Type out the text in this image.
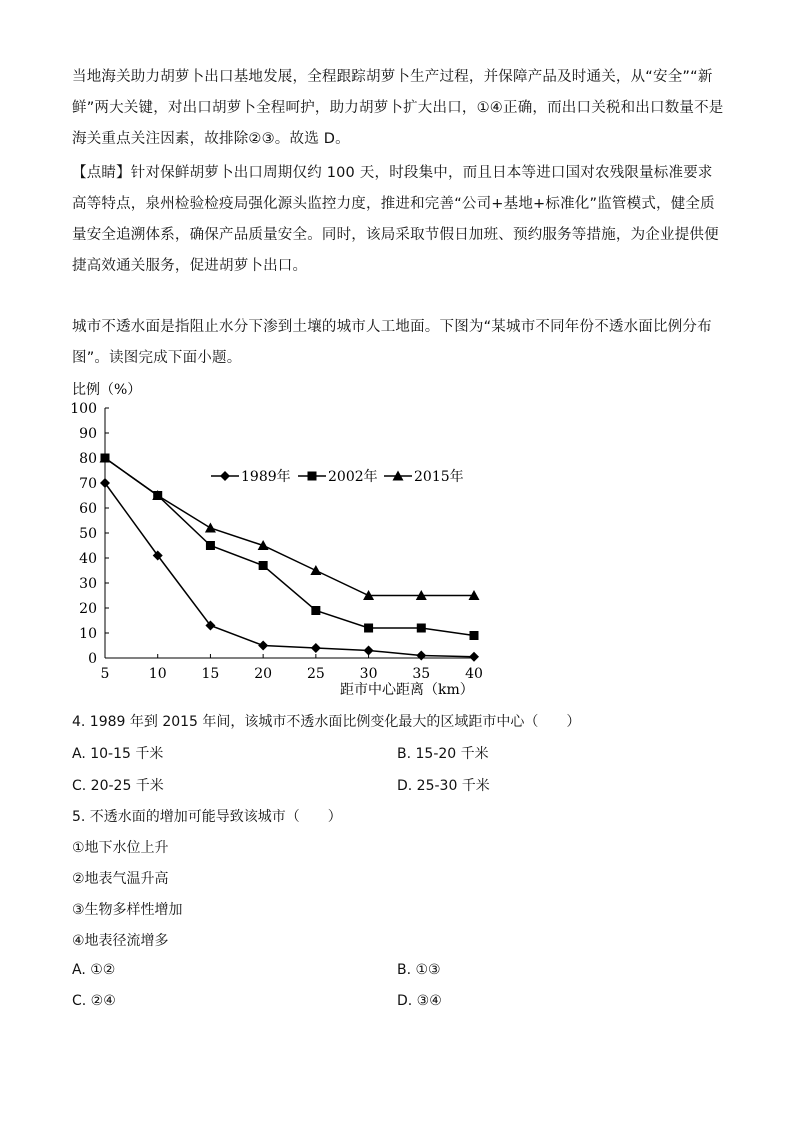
当地海关助力胡萝卜出口基地发展，全程跟踪胡萝卜生产过程，并保障产品及时通关，从“安全”“新鲜”两大关键，对出口胡萝卜全程呵护，助力胡萝卜扩大出口，①④正确，而出口关税和出口数量不是海关重点关注因素，故排除②③。故选 D。

【点睛】针对保鲜胡萝卜出口周期仅约 100 天，时段集中，而且日本等进口国对农残限量标准要求高等特点，泉州检验检疫局强化源头监控力度，推进和完善“公司+基地+标准化”监管模式，健全质量安全追溯体系，确保产品质量安全。同时，该局采取节假日加班、预约服务等措施，为企业提供便捷高效通关服务，促进胡萝卜出口。

城市不透水面是指阻止水分下渗到土壤的城市人工地面。下图为“某城市不同年份不透水面比例分布图”。读图完成下面小题。

比例（%）
距市中心距离（km）
0
10
20
30
40
50
60
70
80
90
100
5	10 15 20 25 30 35 40
1989年	2002年	2015年

4. 1989 年到 2015 年间，该城市不透水面比例变化最大的区域距市中心（　　）

A. 10-15 千米	B. 15-20 千米

C. 20-25 千米	D. 25-30 千米

5. 不透水面的增加可能导致该城市（　　）

①地下水位上升

②地表气温升高

③生物多样性增加

④地表径流增多

A. ①②	B. ①③

C. ②④	D. ③④
